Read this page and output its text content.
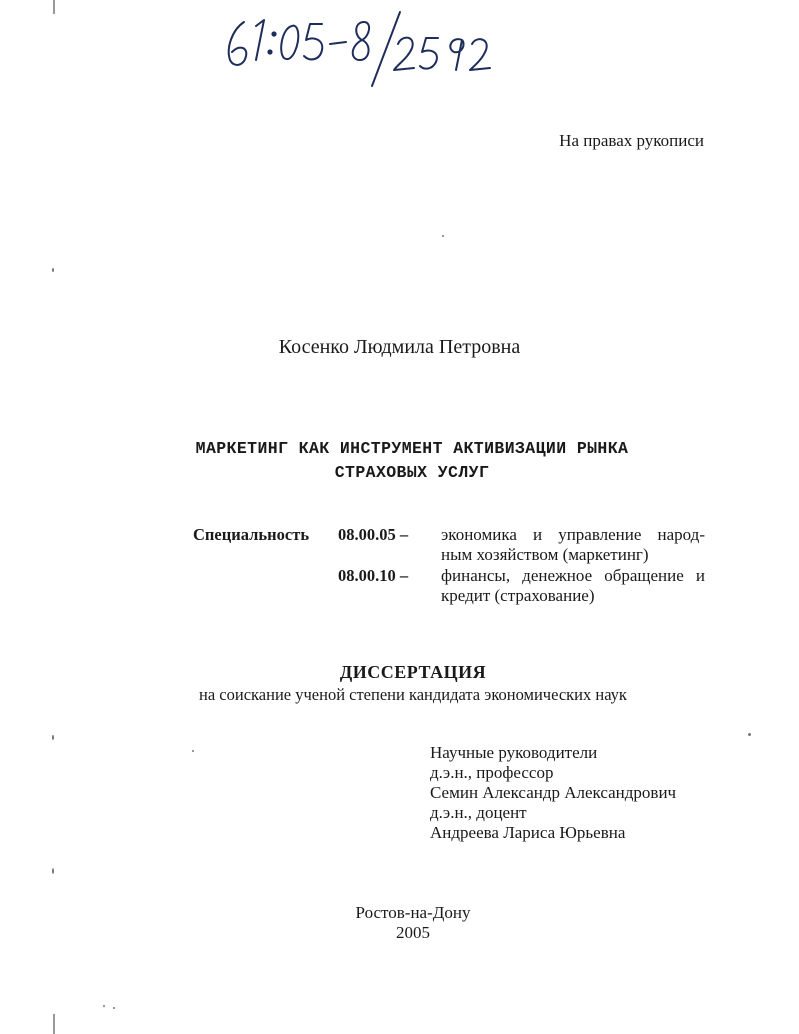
На правах рукописи
Косенко Людмила Петровна
МАРКЕТИНГ КАК ИНСТРУМЕНТ АКТИВИЗАЦИИ РЫНКА
СТРАХОВЫХ УСЛУГ
Специальность 08.00.05 – экономика и управление народ-
ным хозяйством (маркетинг)
08.00.10 – финансы, денежное обращение и
кредит (страхование)
ДИССЕРТАЦИЯ
на соискание ученой степени кандидата экономических наук
Научные руководители
д.э.н., профессор
Семин Александр Александрович
д.э.н., доцент
Андреева Лариса Юрьевна
Ростов-на-Дону
2005
